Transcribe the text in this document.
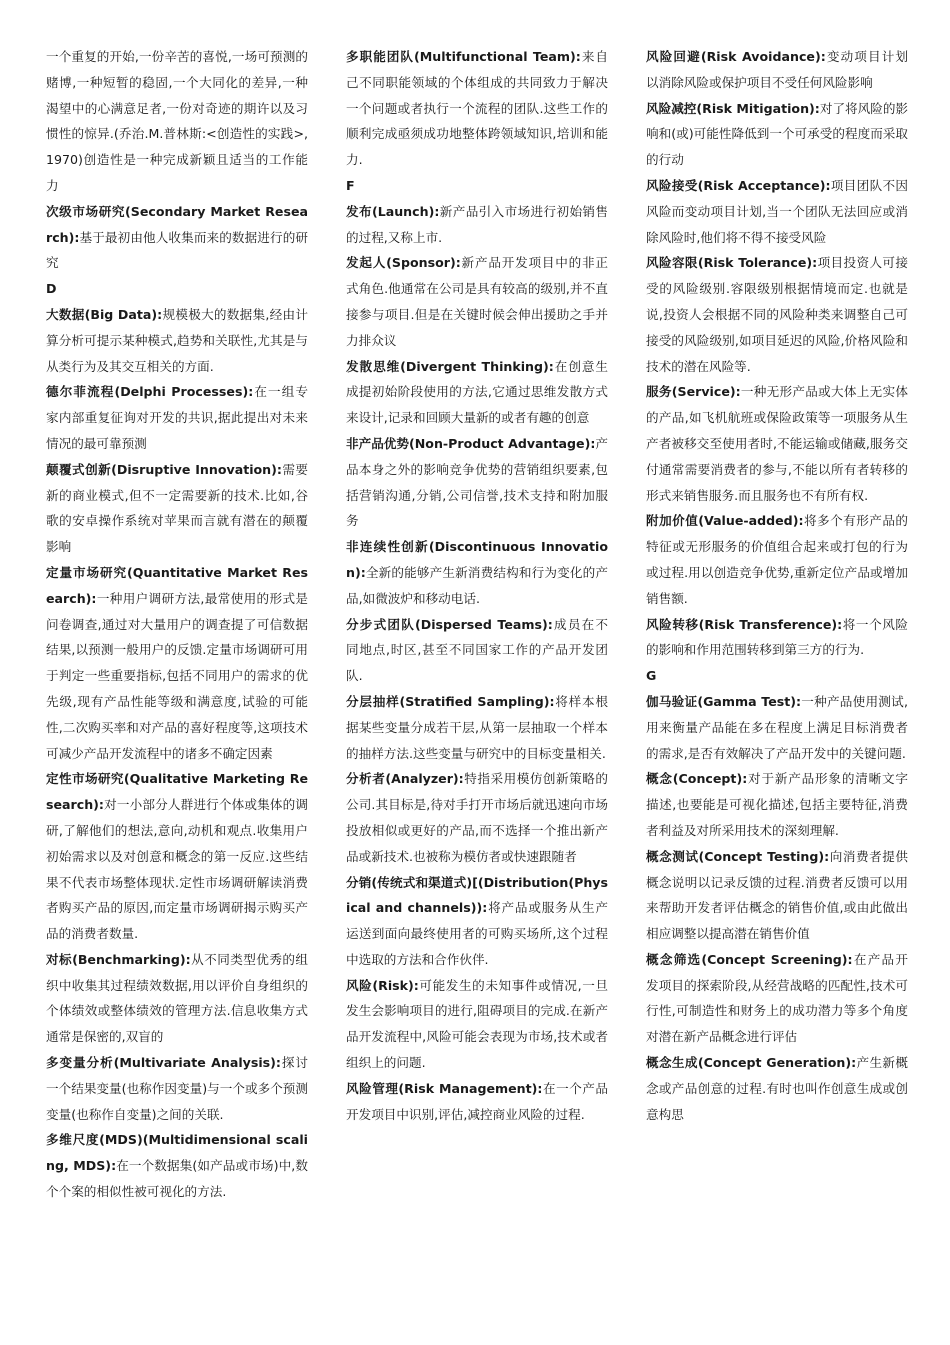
一个重复的开始,一份辛苦的喜悦,一场可预测的赌博,一种短暂的稳固,一个大同化的差异,一种渴望中的心满意足者,一份对奇迹的期许以及习惯性的惊异.(乔治.M.普林斯:<创造性的实践>,1970)创造性是一种完成新颖且适当的工作能力

次级市场研究(Secondary Market Research):基于最初由他人收集而来的数据进行的研究

D

大数据(Big Data):规模极大的数据集,经由计算分析可提示某种模式,趋势和关联性,尤其是与从类行为及其交互相关的方面.

德尔菲流程(Delphi Processes):在一组专家内部重复征询对开发的共识,据此提出对未来情况的最可靠预测

颠覆式创新(Disruptive Innovation):需要新的商业模式,但不一定需要新的技术.比如,谷歌的安卓操作系统对苹果而言就有潜在的颠覆影响

定量市场研究(Quantitative Market Research):一种用户调研方法,最常使用的形式是问卷调查,通过对大量用户的调查提了可信数据结果,以预测一般用户的反馈.定量市场调研可用于判定一些重要指标,包括不同用户的需求的优先级,现有产品性能等级和满意度,试验的可能性,二次购买率和对产品的喜好程度等,这项技术可减少产品开发流程中的诸多不确定因素

定性市场研究(Qualitative Marketing Research):对一小部分人群进行个体或集体的调研,了解他们的想法,意向,动机和观点.收集用户初始需求以及对创意和概念的第一反应.这些结果不代表市场整体现状.定性市场调研解读消费者购买产品的原因,而定量市场调研揭示购买产品的消费者数量.

对标(Benchmarking):从不同类型优秀的组织中收集其过程绩效数据,用以评价自身组织的个体绩效或整体绩效的管理方法.信息收集方式通常是保密的,双盲的

多变量分析(Multivariate Analysis):探讨一个结果变量(也称作因变量)与一个或多个预测变量(也称作自变量)之间的关联.

多维尺度(MDS)(Multidimensional scaling, MDS):在一个数据集(如产品或市场)中,数个个案的相似性被可视化的方法.

多职能团队(Multifunctional Team):来自己不同职能领域的个体组成的共同致力于解决一个问题或者执行一个流程的团队.这些工作的顺利完成亟须成功地整体跨领域知识,培训和能力.

F

发布(Launch):新产品引入市场进行初始销售的过程,又称上市.

发起人(Sponsor):新产品开发项目中的非正式角色.他通常在公司是具有较高的级别,并不直接参与项目.但是在关键时候会伸出援助之手并力排众议

发散思维(Divergent Thinking):在创意生成提初始阶段使用的方法,它通过思维发散方式来设计,记录和回顾大量新的或者有趣的创意

非产品优势(Non-Product Advantage):产品本身之外的影响竞争优势的营销组织要素,包括营销沟通,分销,公司信誉,技术支持和附加服务

非连续性创新(Discontinuous Innovation):全新的能够产生新消费结构和行为变化的产品,如微波炉和移动电话.

分步式团队(Dispersed Teams):成员在不同地点,时区,甚至不同国家工作的产品开发团队.

分层抽样(Stratified Sampling):将样本根据某些变量分成若干层,从第一层抽取一个样本的抽样方法.这些变量与研究中的目标变量相关.

分析者(Analyzer):特指采用模仿创新策略的公司.其目标是,待对手打开市场后就迅速向市场投放相似或更好的产品,而不选择一个推出新产品或新技术.也被称为模仿者或快速跟随者

分销(传统式和渠道式)[(Distribution(Physical and channels)):将产品或服务从生产运送到面向最终使用者的可购买场所,这个过程中选取的方法和合作伙伴.

风险(Risk):可能发生的未知事件或情况,一旦发生会影响项目的进行,阻碍项目的完成.在新产品开发流程中,风险可能会表现为市场,技术或者组织上的问题.

风险管理(Risk Management):在一个产品开发项目中识别,评估,减控商业风险的过程.

风险回避(Risk Avoidance):变动项目计划以消除风险或保护项目不受任何风险影响

风险减控(Risk Mitigation):对了将风险的影响和(或)可能性降低到一个可承受的程度而采取的行动

风险接受(Risk Acceptance):项目团队不因风险而变动项目计划,当一个团队无法回应或消除风险时,他们将不得不接受风险

风险容限(Risk Tolerance):项目投资人可接受的风险级别.容限级别根据情境而定.也就是说,投资人会根据不同的风险种类来调整自己可接受的风险级别,如项目延迟的风险,价格风险和技术的潜在风险等.

服务(Service):一种无形产品或大体上无实体的产品,如飞机航班或保险政策等一项服务从生产者被移交至使用者时,不能运输或储藏,服务交付通常需要消费者的参与,不能以所有者转移的形式来销售服务.而且服务也不有所有权.

附加价值(Value-added):将多个有形产品的特征或无形服务的价值组合起来或打包的行为或过程.用以创造竞争优势,重新定位产品或增加销售额.

风险转移(Risk Transference):将一个风险的影响和作用范围转移到第三方的行为.

G

伽马验证(Gamma Test):一种产品使用测试,用来衡量产品能在多在程度上满足目标消费者的需求,是否有效解决了产品开发中的关键问题.

概念(Concept):对于新产品形象的清晰文字描述,也要能是可视化描述,包括主要特征,消费者利益及对所采用技术的深刻理解.

概念测试(Concept Testing):向消费者提供概念说明以记录反馈的过程.消费者反馈可以用来帮助开发者评估概念的销售价值,或由此做出相应调整以提高潜在销售价值

概念筛选(Concept Screening):在产品开发项目的探索阶段,从经营战略的匹配性,技术可行性,可制造性和财务上的成功潜力等多个角度对潜在新产品概念进行评估

概念生成(Concept Generation):产生新概念或产品创意的过程.有时也叫作创意生成或创意构思
